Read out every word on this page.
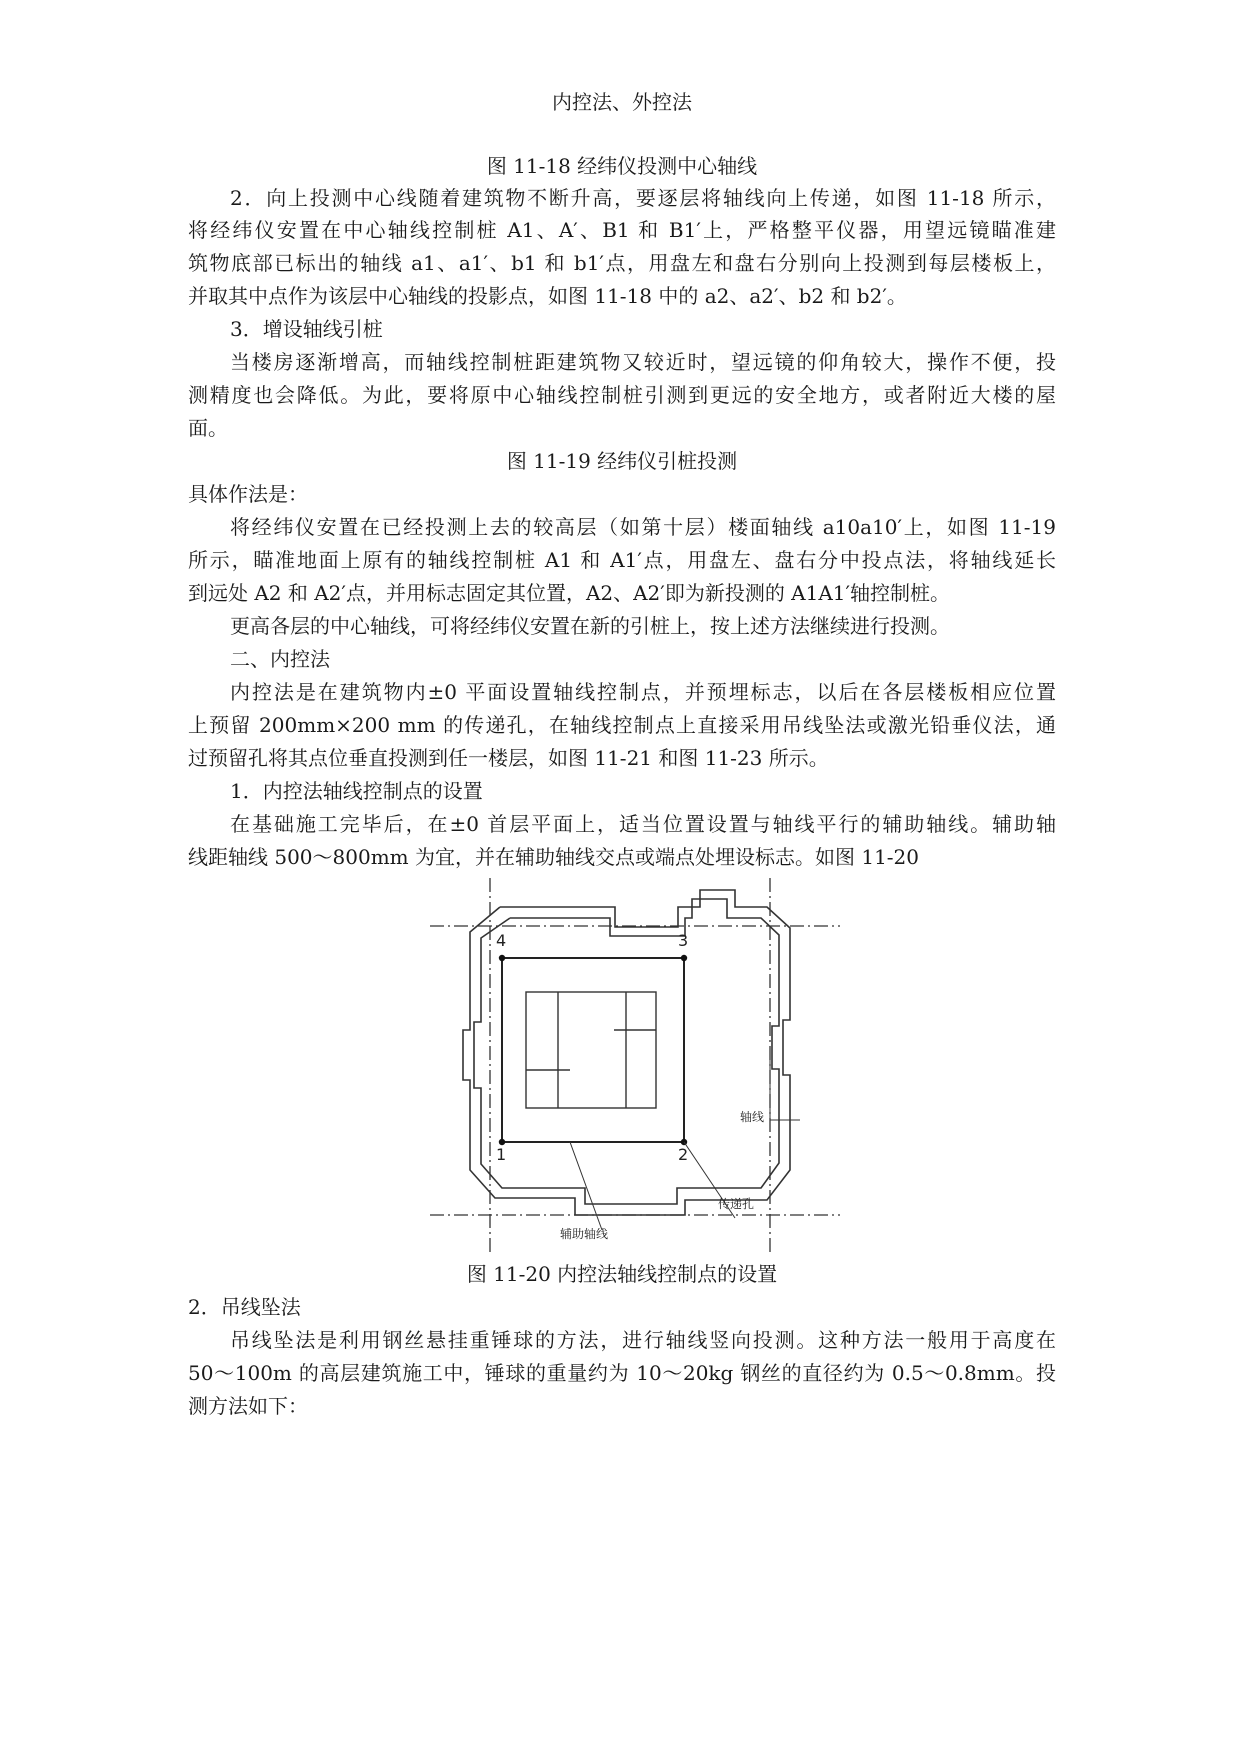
内控法、外控法
图 11-18 经纬仪投测中心轴线
2．向上投测中心线随着建筑物不断升高，要逐层将轴线向上传递，如图 11-18 所示，
将经纬仪安置在中心轴线控制桩 A1、A′、B1 和 B1′上，严格整平仪器，用望远镜瞄准建
筑物底部已标出的轴线 a1、a1′、b1 和 b1′点，用盘左和盘右分别向上投测到每层楼板上，
并取其中点作为该层中心轴线的投影点，如图 11-18 中的 a2、a2′、b2 和 b2′。
3．增设轴线引桩
当楼房逐渐增高，而轴线控制桩距建筑物又较近时，望远镜的仰角较大，操作不便，投
测精度也会降低。为此，要将原中心轴线控制桩引测到更远的安全地方，或者附近大楼的屋
面。
图 11-19 经纬仪引桩投测
具体作法是：
将经纬仪安置在已经投测上去的较高层（如第十层）楼面轴线 a10a10′上，如图 11-19
所示，瞄准地面上原有的轴线控制桩 A1 和 A1′点，用盘左、盘右分中投点法，将轴线延长
到远处 A2 和 A2′点，并用标志固定其位置，A2、A2′即为新投测的 A1A1′轴控制桩。
更高各层的中心轴线，可将经纬仪安置在新的引桩上，按上述方法继续进行投测。
二、内控法
内控法是在建筑物内±0 平面设置轴线控制点，并预埋标志，以后在各层楼板相应位置
上预留 200mm×200 mm 的传递孔，在轴线控制点上直接采用吊线坠法或激光铅垂仪法，通
过预留孔将其点位垂直投测到任一楼层，如图 11-21 和图 11-23 所示。
1．内控法轴线控制点的设置
在基础施工完毕后，在±0 首层平面上，适当位置设置与轴线平行的辅助轴线。辅助轴
线距轴线 500～800mm 为宜，并在辅助轴线交点或端点处埋设标志。如图 11-20
4	3
1	2
轴线
传递孔
辅助轴线
图 11-20 内控法轴线控制点的设置
2．吊线坠法
吊线坠法是利用钢丝悬挂重锤球的方法，进行轴线竖向投测。这种方法一般用于高度在
50～100m 的高层建筑施工中，锤球的重量约为 10～20kg 钢丝的直径约为 0.5～0.8mm。投
测方法如下：
